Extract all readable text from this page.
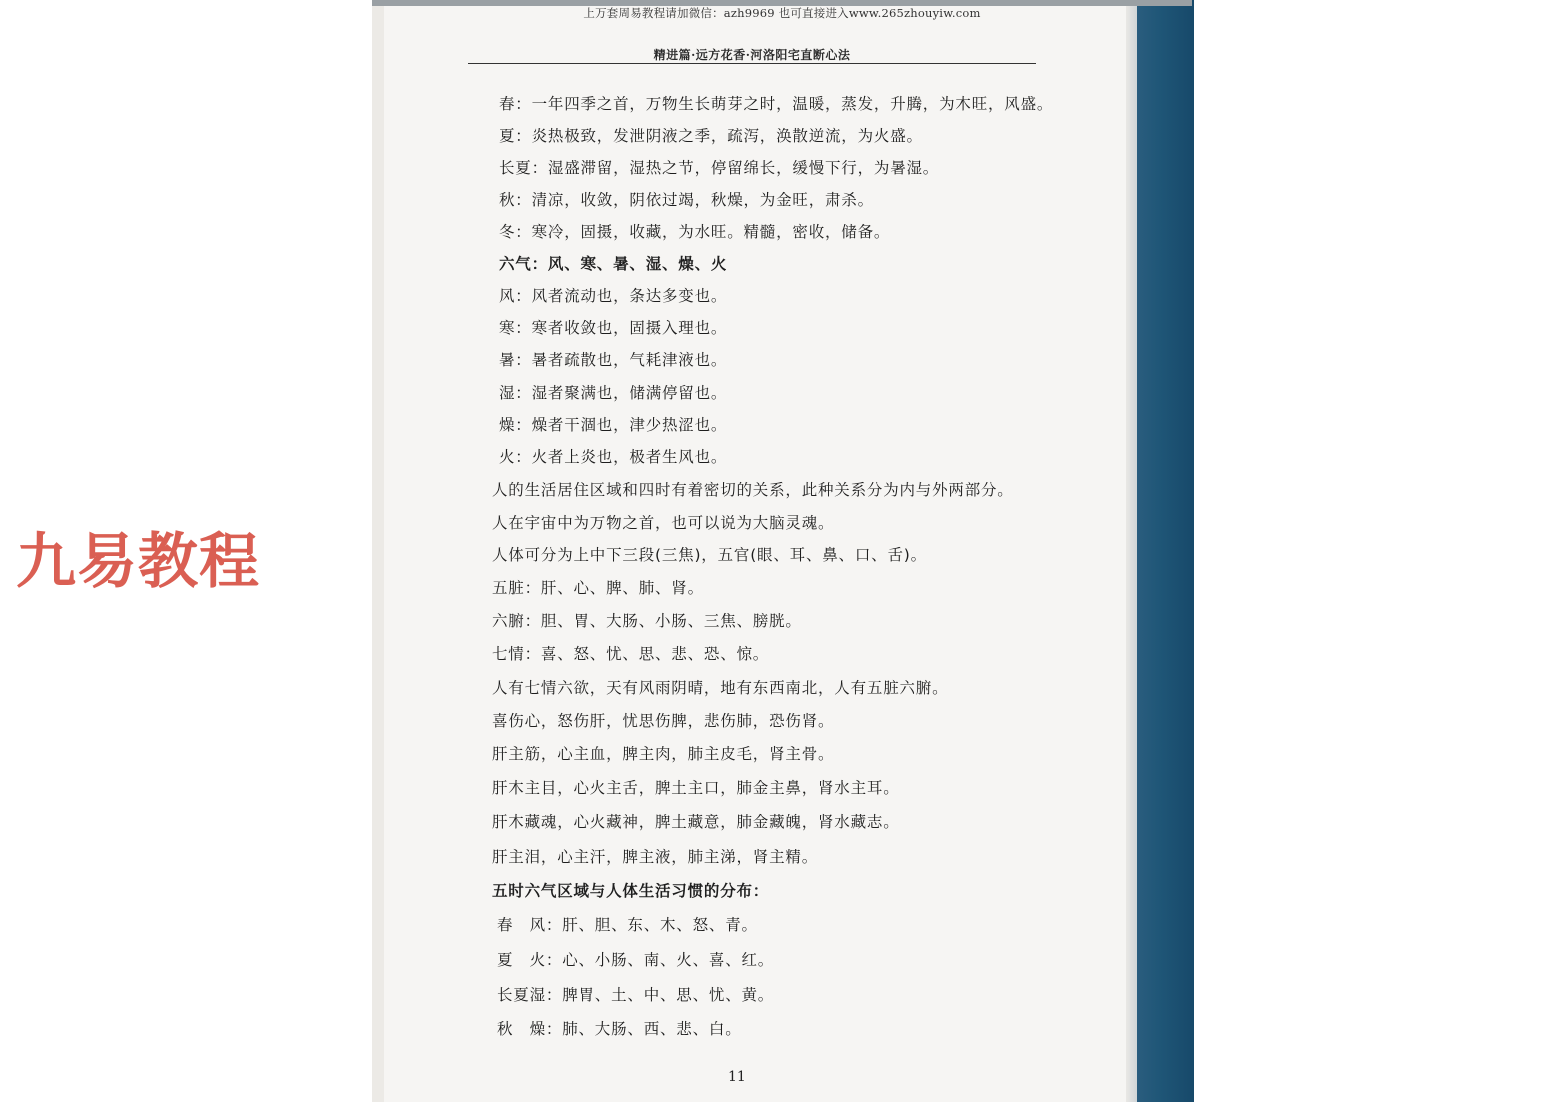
上万套周易教程请加微信：azh9969 也可直接进入www.265zhouyiw.com
精进篇·远方花香·河洛阳宅直断心法
春：一年四季之首，万物生长萌芽之时，温暖，蒸发，升腾，为木旺，风盛。
夏：炎热极致，发泄阴液之季，疏泻，涣散逆流，为火盛。
长夏：湿盛滞留，湿热之节，停留绵长，缓慢下行，为暑湿。
秋：清凉，收敛，阴依过竭，秋燥，为金旺，肃杀。
冬：寒冷，固摄，收藏，为水旺。精髓，密收，储备。
六气：风、寒、暑、湿、燥、火
风：风者流动也，条达多变也。
寒：寒者收敛也，固摄入理也。
暑：暑者疏散也，气耗津液也。
湿：湿者聚满也，储满停留也。
燥：燥者干涸也，津少热涩也。
火：火者上炎也，极者生风也。
人的生活居住区域和四时有着密切的关系，此种关系分为内与外两部分。
人在宇宙中为万物之首，也可以说为大脑灵魂。
人体可分为上中下三段(三焦)，五官(眼、耳、鼻、口、舌)。
五脏：肝、心、脾、肺、肾。
六腑：胆、胃、大肠、小肠、三焦、膀胱。
七情：喜、怒、忧、思、悲、恐、惊。
人有七情六欲，天有风雨阴晴，地有东西南北，人有五脏六腑。
喜伤心，怒伤肝，忧思伤脾，悲伤肺，恐伤肾。
肝主筋，心主血，脾主肉，肺主皮毛，肾主骨。
肝木主目，心火主舌，脾土主口，肺金主鼻，肾水主耳。
肝木藏魂，心火藏神，脾土藏意，肺金藏魄，肾水藏志。
肝主泪，心主汗，脾主液，肺主涕，肾主精。
五时六气区域与人体生活习惯的分布：
春　风：肝、胆、东、木、怒、青。
夏　火：心、小肠、南、火、喜、红。
长夏湿：脾胃、土、中、思、忧、黄。
秋　燥：肺、大肠、西、悲、白。
11
九易教程
